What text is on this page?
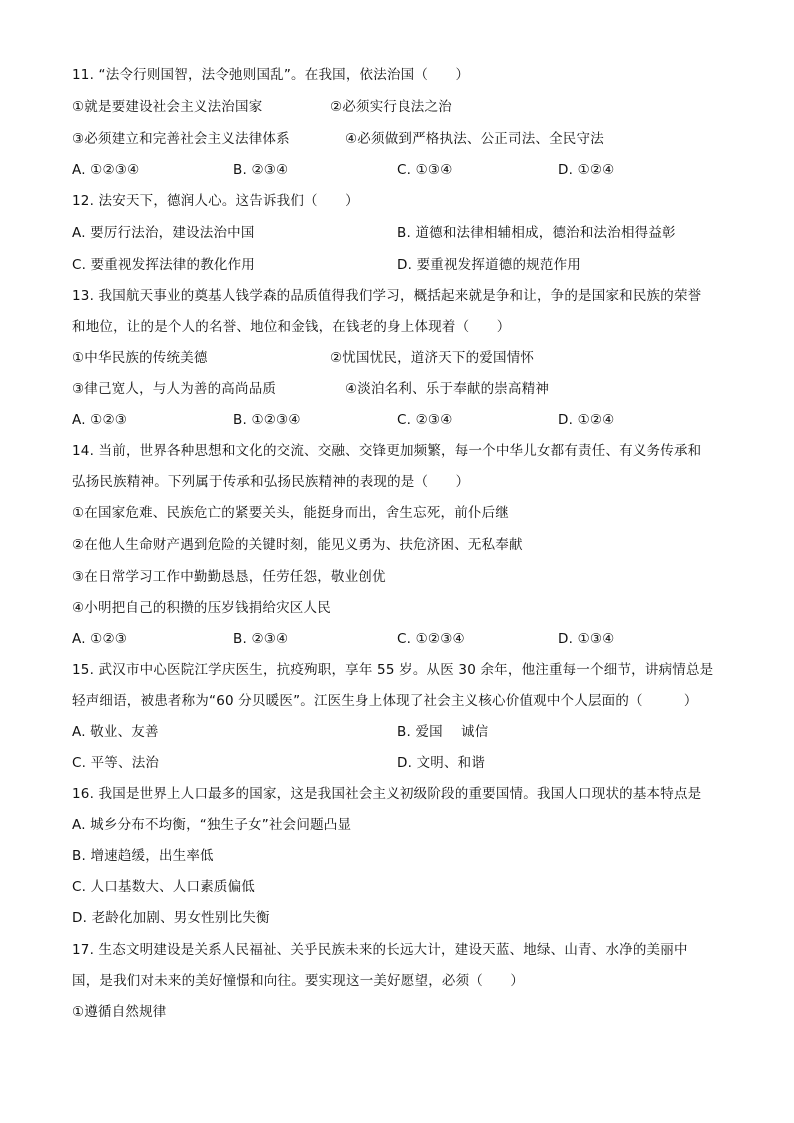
11. “法令行则国智，法令弛则国乱”。在我国，依法治国（　　）
①就是要建设社会主义法治国家	②必须实行良法之治
③必须建立和完善社会主义法律体系	④必须做到严格执法、公正司法、全民守法
A. ①②③④	B. ②③④	C. ①③④	D. ①②④
12. 法安天下，德润人心。这告诉我们（　　）
A. 要厉行法治，建设法治中国	B. 道德和法律相辅相成，德治和法治相得益彰
C. 要重视发挥法律的教化作用	D. 要重视发挥道德的规范作用
13. 我国航天事业的奠基人钱学森的品质值得我们学习，概括起来就是争和让，争的是国家和民族的荣誉
和地位，让的是个人的名誉、地位和金钱，在钱老的身上体现着（　　）
①中华民族的传统美德	②忧国忧民，道济天下的爱国情怀
③律己宽人，与人为善的高尚品质	④淡泊名利、乐于奉献的崇高精神
A. ①②③	B. ①②③④	C. ②③④	D. ①②④
14. 当前，世界各种思想和文化的交流、交融、交锋更加频繁，每一个中华儿女都有责任、有义务传承和
弘扬民族精神。下列属于传承和弘扬民族精神的表现的是（　　）
①在国家危难、民族危亡的紧要关头，能挺身而出，舍生忘死，前仆后继
②在他人生命财产遇到危险的关键时刻，能见义勇为、扶危济困、无私奉献
③在日常学习工作中勤勤恳恳，任劳任怨，敬业创优
④小明把自己的积攒的压岁钱捐给灾区人民
A. ①②③	B. ②③④	C. ①②③④	D. ①③④
15. 武汉市中心医院江学庆医生，抗疫殉职，享年 55 岁。从医 30 余年，他注重每一个细节，讲病情总是
轻声细语，被患者称为“60 分贝暖医”。江医生身上体现了社会主义核心价值观中个人层面的（　　　）
A. 敬业、友善	B. 爱国　 诚信
C. 平等、法治	D. 文明、和谐
16. 我国是世界上人口最多的国家，这是我国社会主义初级阶段的重要国情。我国人口现状的基本特点是
A. 城乡分布不均衡，“独生子女”社会问题凸显
B. 增速趋缓，出生率低
C. 人口基数大、人口素质偏低
D. 老龄化加剧、男女性别比失衡
17. 生态文明建设是关系人民福祉、关乎民族未来的长远大计，建设天蓝、地绿、山青、水净的美丽中
国，是我们对未来的美好憧憬和向往。要实现这一美好愿望，必须（　　）
①遵循自然规律
